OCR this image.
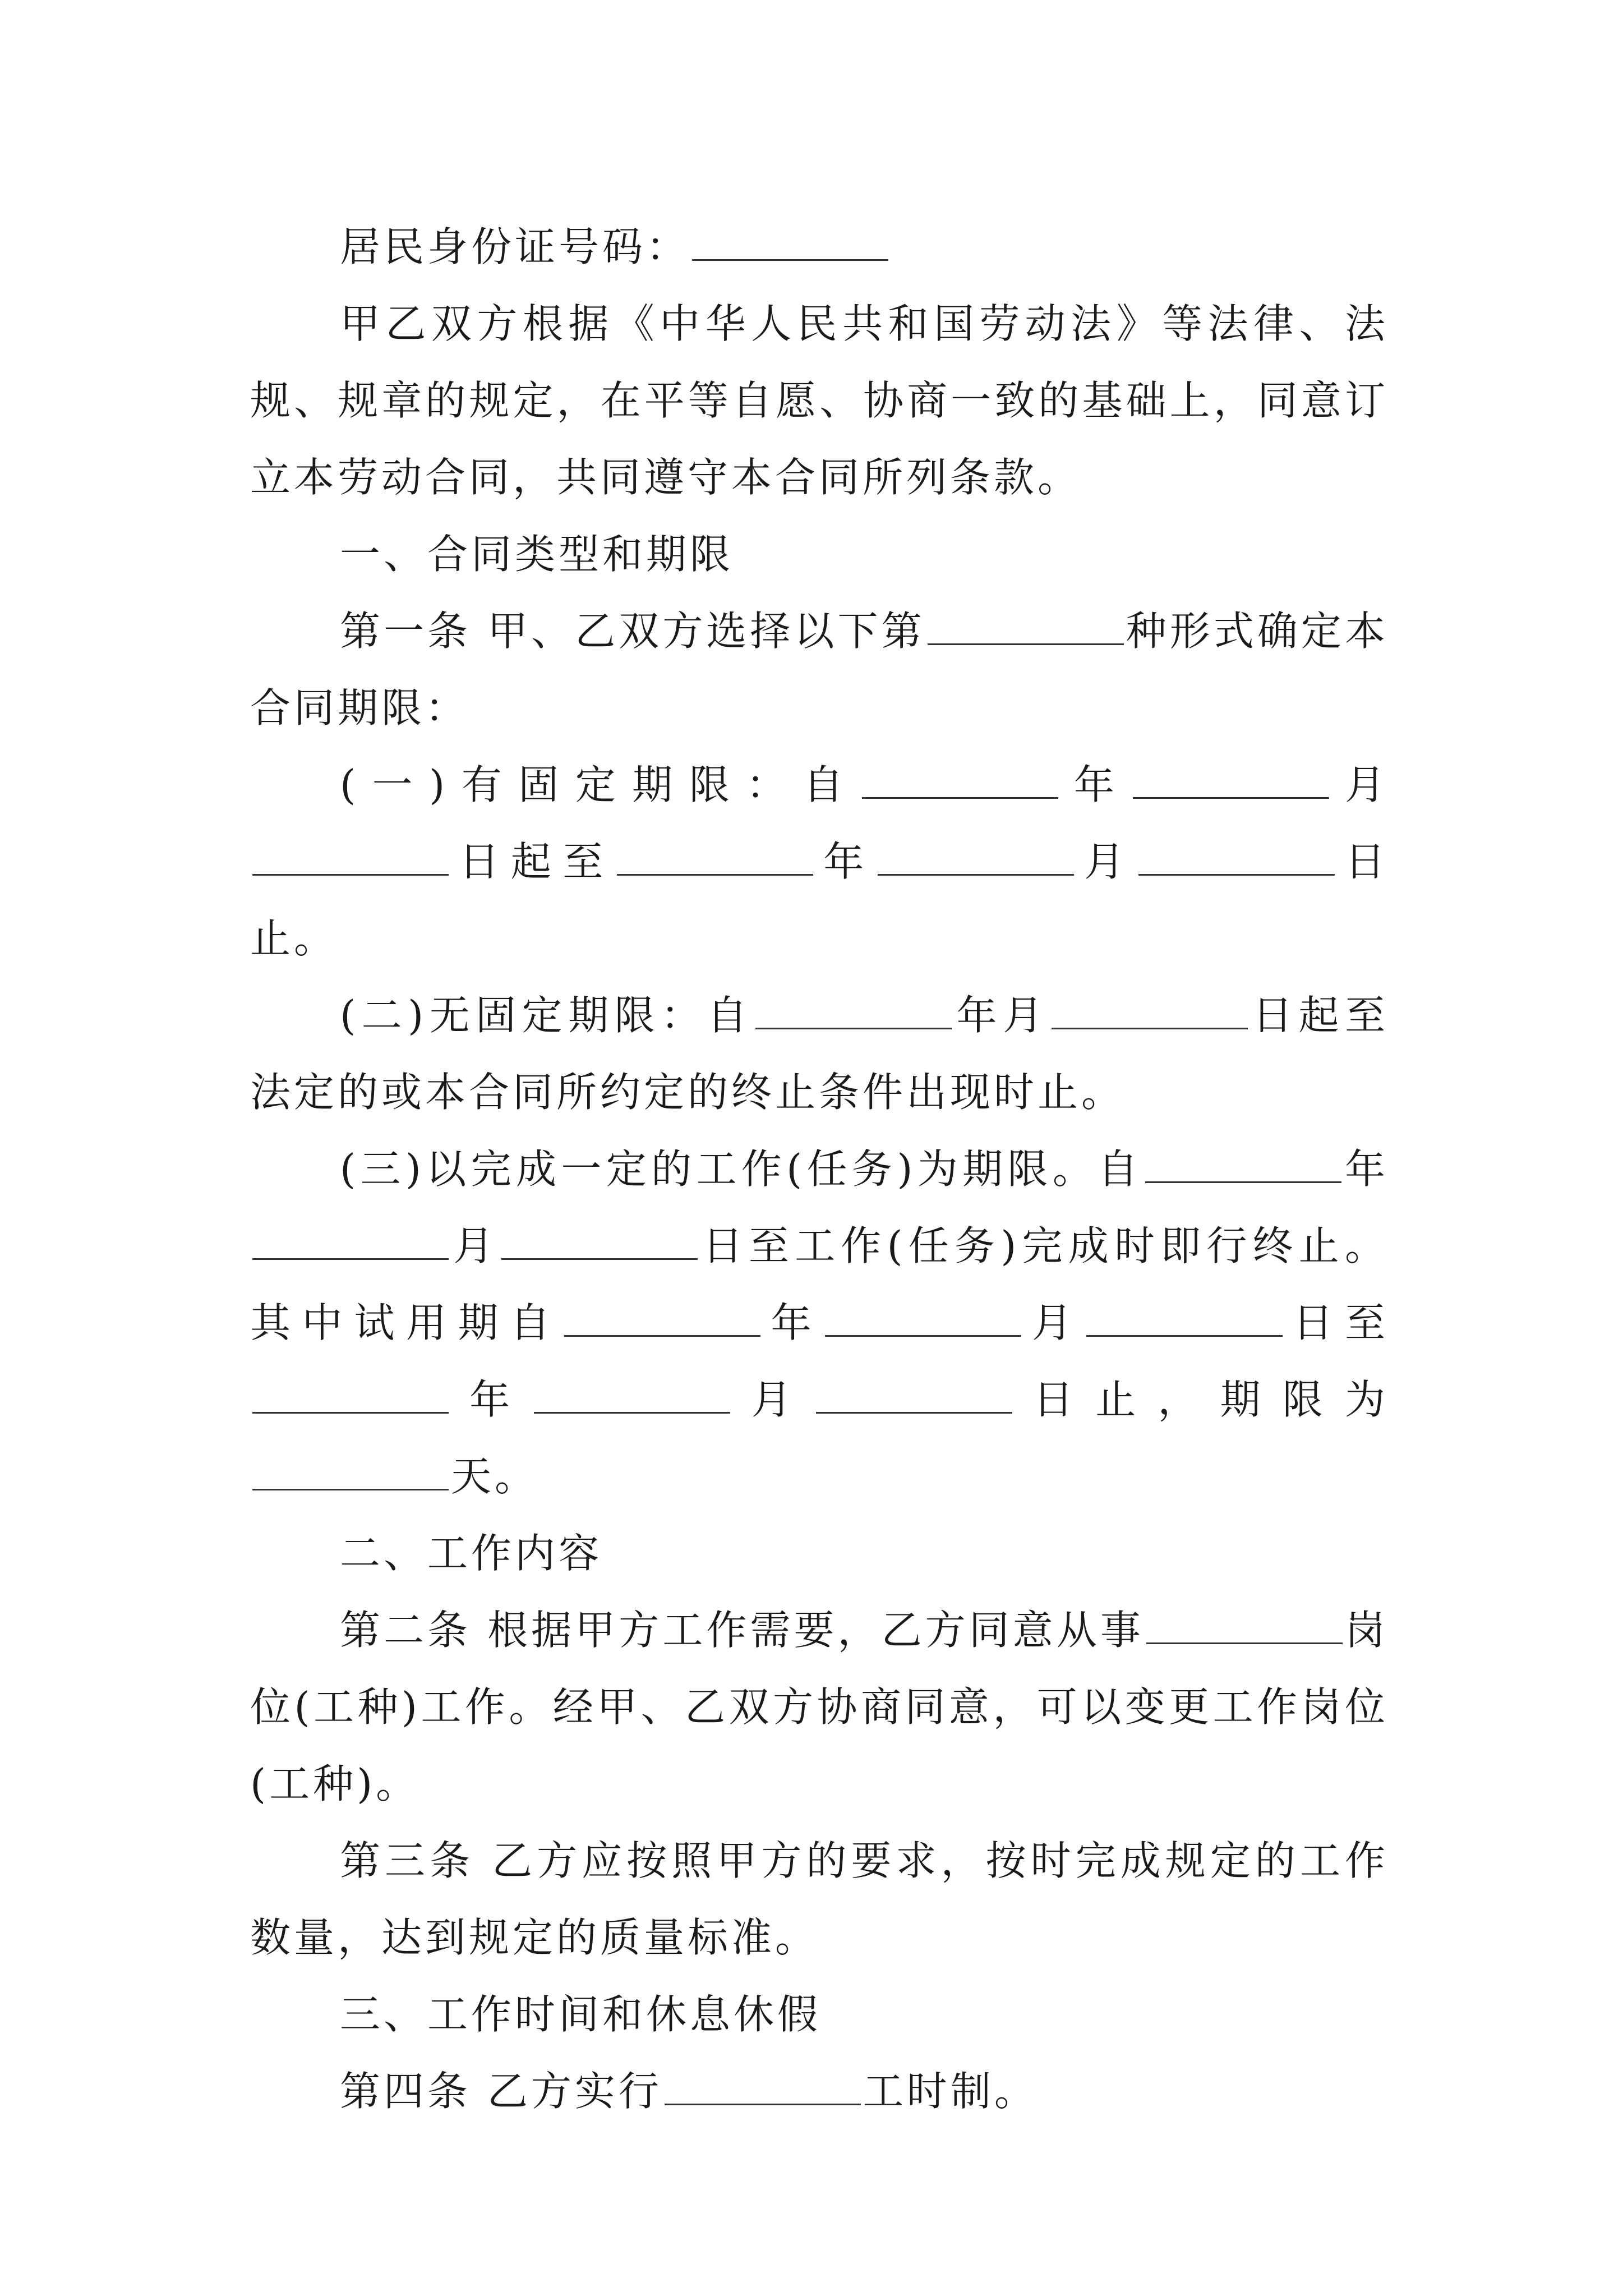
居民身份证号码：

甲乙双方根据《中华人民共和国劳动法》等法律、法规、规章的规定，在平等自愿、协商一致的基础上，同意订立本劳动合同，共同遵守本合同所列条款。

一、合同类型和期限

第一条 甲、乙双方选择以下第	种形式确定本合同期限：

(一)有固定期限：自	年	月日起至	年	月	日止。

(二)无固定期限：自	年月	日起至法定的或本合同所约定的终止条件出现时止。

(三)以完成一定的工作(任务)为期限。自	年月	日至工作(任务)完成时即行终止。其中试用期自	年	月	日至年	月	日止，期限为天。

二、工作内容

第二条 根据甲方工作需要，乙方同意从事	岗位(工种)工作。经甲、乙双方协商同意，可以变更工作岗位(工种)。

第三条 乙方应按照甲方的要求，按时完成规定的工作数量，达到规定的质量标准。

三、工作时间和休息休假

第四条 乙方实行	工时制。
